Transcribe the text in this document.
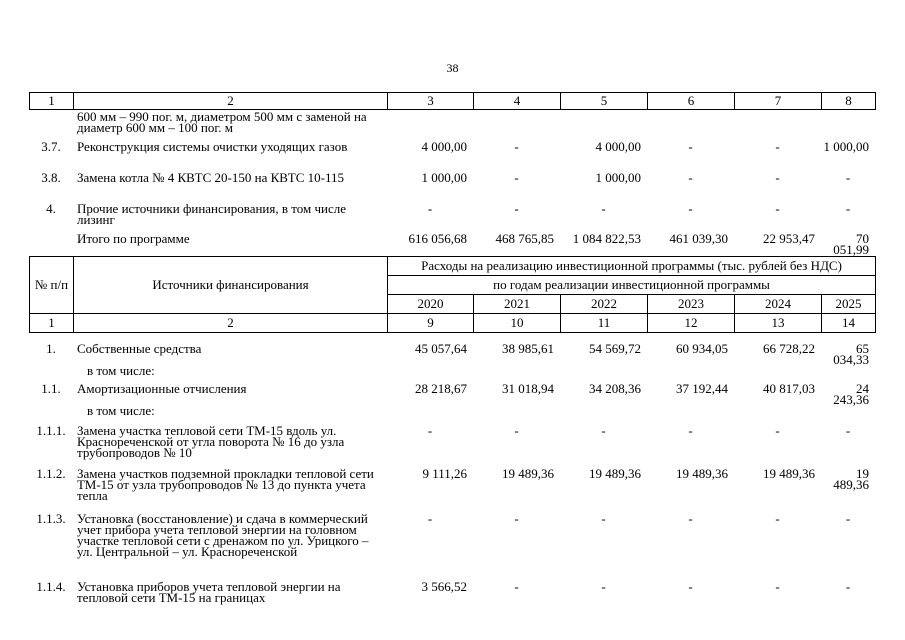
38
1	2	3	4	5	6	7	8
	600 мм – 990 пог. м, диаметром 500 мм с заменой на диаметр 600 мм – 100 пог. м						
3.7.	Реконструкция системы очистки уходящих газов	4 000,00	-	4 000,00	-	-	1 000,00
3.8.	Замена котла № 4 КВТС 20-150 на КВТС 10-115	1 000,00	-	1 000,00	-	-	-
4.	Прочие источники финансирования, в том числе лизинг	-	-	-	-	-	-
	Итого по программе	616 056,68	468 765,85	1 084 822,53	461 039,30	22 953,47	70 051,99
№ п/п	Источники финансирования	Расходы на реализацию инвестиционной программы (тыс. рублей без НДС)					
		по годам реализации инвестиционной программы					
		2020	2021	2022	2023	2024	2025
1	2	9	10	11	12	13	14
1.	Собственные средства	45 057,64	38 985,61	54 569,72	60 934,05	66 728,22	65 034,33
	в том числе:						
1.1.	Амортизационные отчисления	28 218,67	31 018,94	34 208,36	37 192,44	40 817,03	24 243,36
	в том числе:						
1.1.1.	Замена участка тепловой сети ТМ-15 вдоль ул. Краснореченской от угла поворота № 16 до узла трубопроводов № 10	-	-	-	-	-	-
1.1.2.	Замена участков подземной прокладки тепловой сети ТМ-15 от узла трубопроводов № 13 до пункта учета тепла	9 111,26	19 489,36	19 489,36	19 489,36	19 489,36	19 489,36
1.1.3.	Установка (восстановление) и сдача в коммерческий учет прибора учета тепловой энергии на головном участке тепловой сети с дренажом по ул. Урицкого – ул. Центральной – ул. Краснореченской	-	-	-	-	-	-
1.1.4.	Установка приборов учета тепловой энергии на тепловой сети ТМ-15 на границах	3 566,52	-	-	-	-	-
